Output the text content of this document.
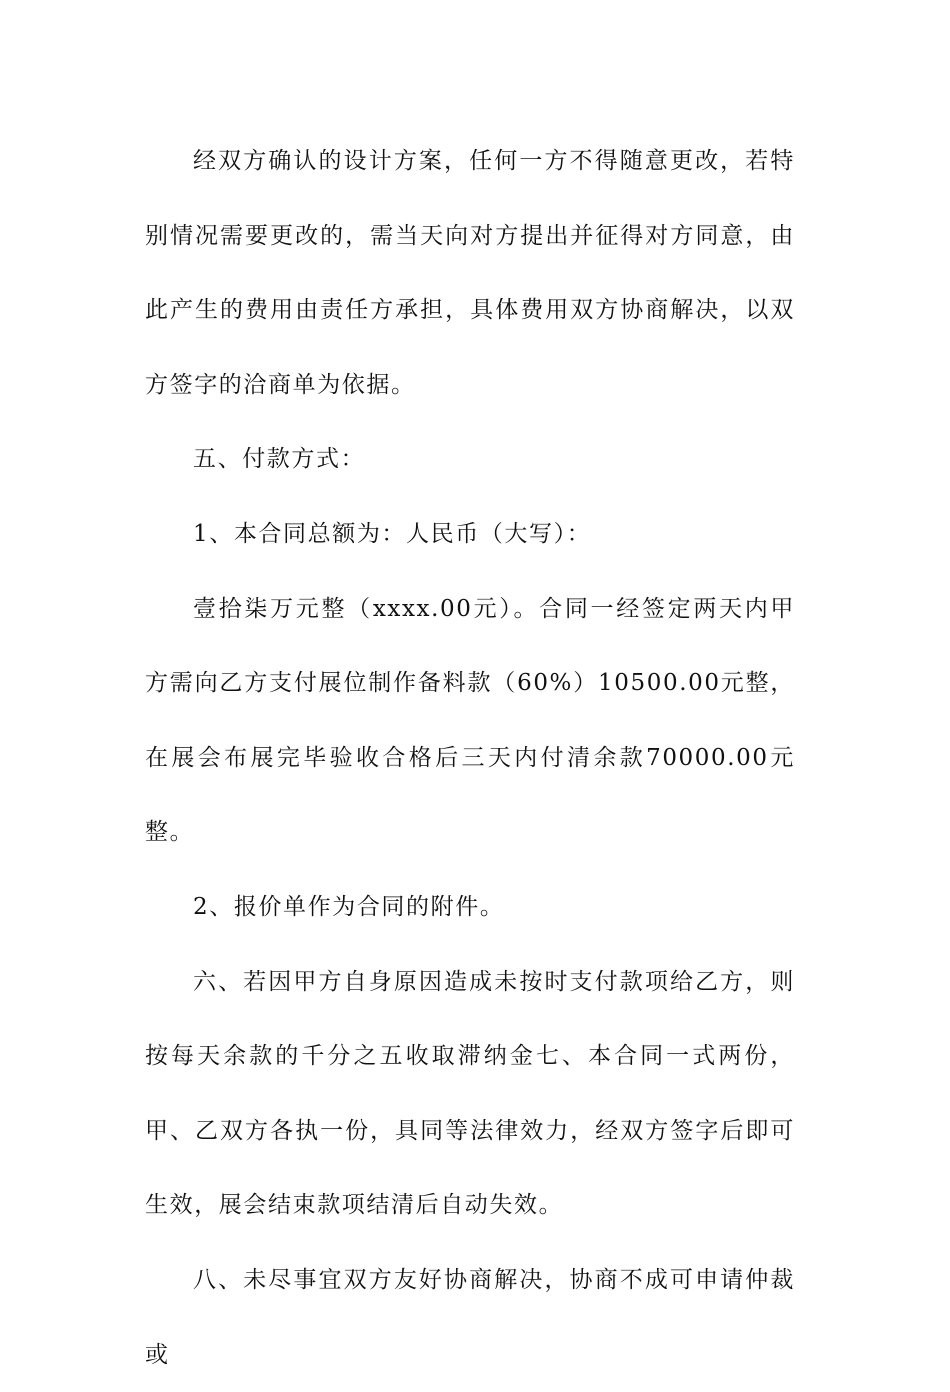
经双方确认的设计方案，任何一方不得随意更改，若特别情况需要更改的，需当天向对方提出并征得对方同意，由此产生的费用由责任方承担，具体费用双方协商解决，以双方签字的洽商单为依据。

五、付款方式：

1、本合同总额为：人民币（大写）：

壹拾柒万元整（xxxx.00元）。合同一经签定两天内甲方需向乙方支付展位制作备料款（60%）10500.00元整，在展会布展完毕验收合格后三天内付清余款70000.00元整。

2、报价单作为合同的附件。

六、若因甲方自身原因造成未按时支付款项给乙方，则按每天余款的千分之五收取滞纳金七、本合同一式两份，甲、乙双方各执一份，具同等法律效力，经双方签字后即可生效，展会结束款项结清后自动失效。

八、未尽事宜双方友好协商解决，协商不成可申请仲裁或
